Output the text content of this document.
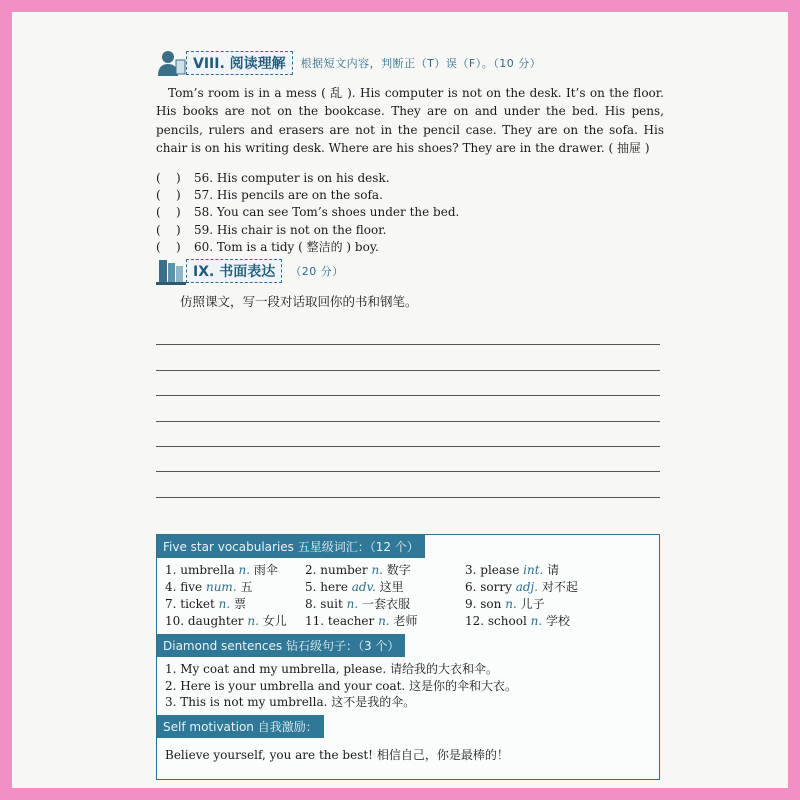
VIII. 阅读理解	根据短文内容，判断正（T）误（F）。（10 分）

Tom’s room is in a mess ( 乱 ). His computer is not on the desk. It’s on the floor. His books are not on the bookcase. They are on and under the bed. His pens, pencils, rulers and erasers are not in the pencil case. They are on the sofa. His chair is on his writing desk. Where are his shoes? They are in the drawer. ( 抽屉 )

(    )	56. His computer is on his desk.
(    )	57. His pencils are on the sofa.
(    )	58. You can see Tom’s shoes under the bed.
(    )	59. His chair is not on the floor.
(    )	60. Tom is a tidy ( 整洁的 ) boy.
IX. 书面表达	（20 分）
仿照课文，写一段对话取回你的书和钢笔。
Five star vocabularies 五星级词汇：（12 个）
1. umbrella n. 雨伞	2. number n. 数字	3. please int. 请
4. five num. 五	5. here adv. 这里	6. sorry adj. 对不起
7. ticket n. 票	8. suit n. 一套衣服	9. son n. 儿子
10. daughter n. 女儿	11. teacher n. 老师	12. school n. 学校
Diamond sentences 钻石级句子：（3 个）
1. My coat and my umbrella, please. 请给我的大衣和伞。
2. Here is your umbrella and your coat. 这是你的伞和大衣。
3. This is not my umbrella. 这不是我的伞。
Self motivation 自我激励：
Believe yourself, you are the best! 相信自己，你是最棒的！
